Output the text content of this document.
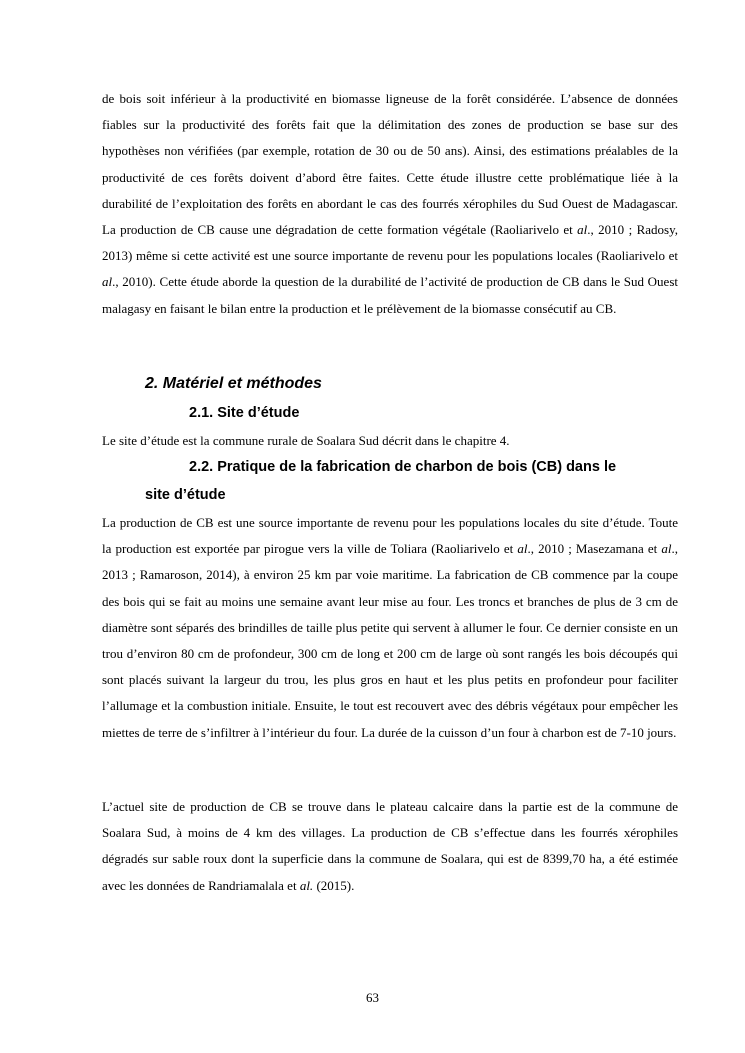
de bois soit inférieur à la productivité en biomasse ligneuse de la forêt considérée. L’absence de données fiables sur la productivité des forêts fait que la délimitation des zones de production se base sur des hypothèses non vérifiées (par exemple, rotation de 30 ou de 50 ans). Ainsi, des estimations préalables de la productivité de ces forêts doivent d’abord être faites. Cette étude illustre cette problématique liée à la durabilité de l’exploitation des forêts en abordant le cas des fourrés xérophiles du Sud Ouest de Madagascar. La production de CB cause une dégradation de cette formation végétale (Raoliarivelo et al., 2010 ; Radosy, 2013) même si cette activité est une source importante de revenu pour les populations locales (Raoliarivelo et al., 2010). Cette étude aborde la question de la durabilité de l’activité de production de CB dans le Sud Ouest malagasy en faisant le bilan entre la production et le prélèvement de la biomasse consécutif au CB.

2. Matériel et méthodes
2.1. Site d’étude

Le site d’étude est la commune rurale de Soalara Sud décrit dans le chapitre 4.

2.2. Pratique de la fabrication de charbon de bois (CB) dans le
site d’étude

La production de CB est une source importante de revenu pour les populations locales du site d’étude. Toute la production est exportée par pirogue vers la ville de Toliara (Raoliarivelo et al., 2010 ; Masezamana et al., 2013 ; Ramaroson, 2014), à environ 25 km par voie maritime. La fabrication de CB commence par la coupe des bois qui se fait au moins une semaine avant leur mise au four. Les troncs et branches de plus de 3 cm de diamètre sont séparés des brindilles de taille plus petite qui servent à allumer le four. Ce dernier consiste en un trou d’environ 80 cm de profondeur, 300 cm de long et 200 cm de large où sont rangés les bois découpés qui sont placés suivant la largeur du trou, les plus gros en haut et les plus petits en profondeur pour faciliter l’allumage et la combustion initiale. Ensuite, le tout est recouvert avec des débris végétaux pour empêcher les miettes de terre de s’infiltrer à l’intérieur du four. La durée de la cuisson d’un four à charbon est de 7-10 jours.

L’actuel site de production de CB se trouve dans le plateau calcaire dans la partie est de la commune de Soalara Sud, à moins de 4 km des villages. La production de CB s’effectue dans les fourrés xérophiles dégradés sur sable roux dont la superficie dans la commune de Soalara, qui est de 8399,70 ha, a été estimée avec les données de Randriamalala et al. (2015).

63
